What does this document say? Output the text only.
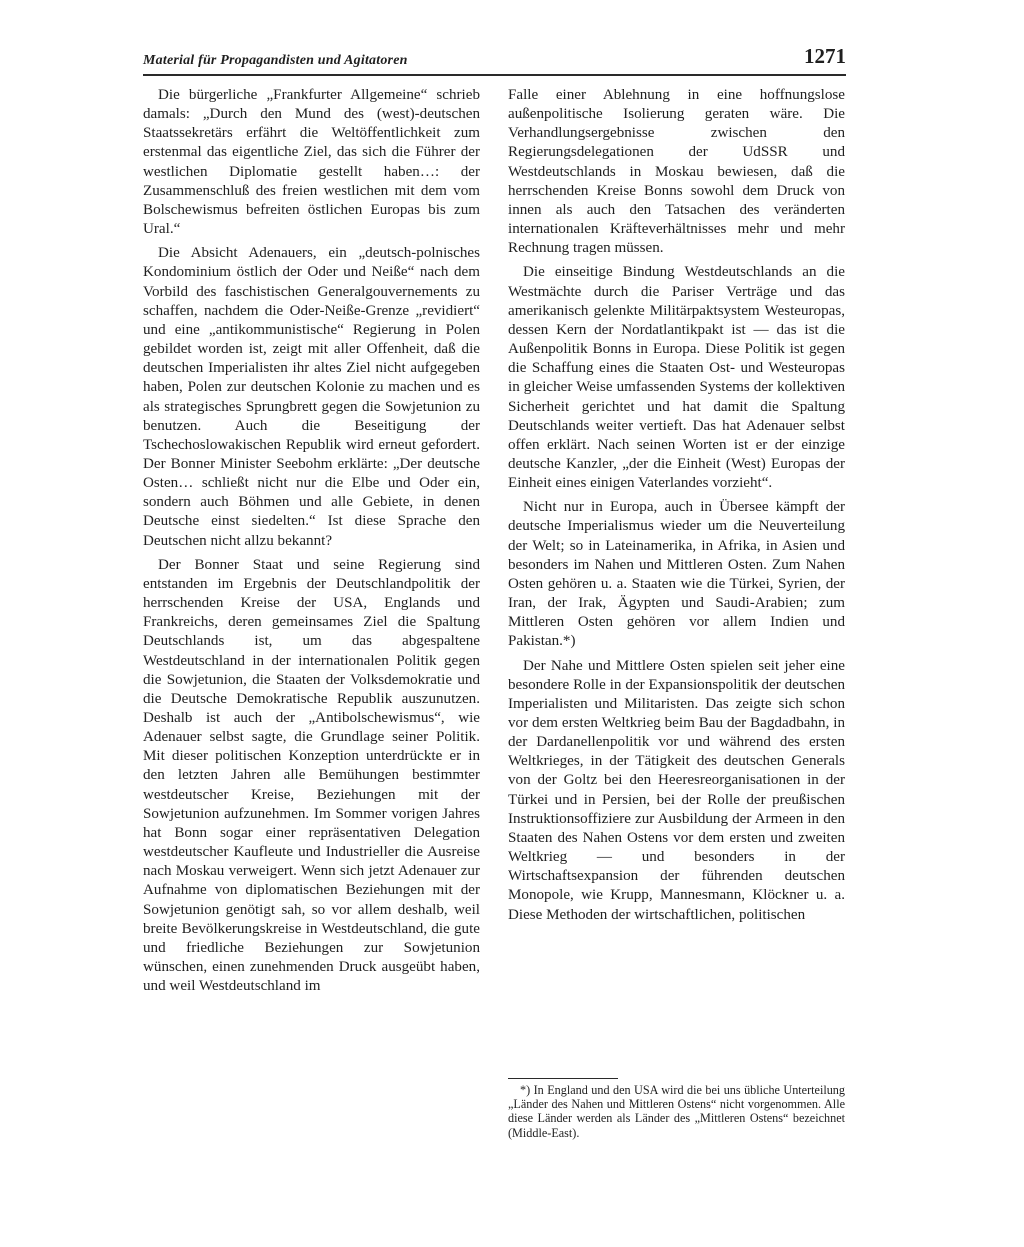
Material für Propagandisten und Agitatoren	1271

Die bürgerliche „Frankfurter Allgemeine“ schrieb damals: „Durch den Mund des (west)-deutschen Staatssekretärs erfährt die Weltöffentlichkeit zum erstenmal das eigentliche Ziel, das sich die Führer der westlichen Diplomatie gestellt haben…: der Zusammenschluß des freien westlichen mit dem vom Bolschewismus befreiten östlichen Europas bis zum Ural.“

Die Absicht Adenauers, ein „deutsch-polnisches Kondominium östlich der Oder und Neiße“ nach dem Vorbild des faschistischen Generalgouvernements zu schaffen, nachdem die Oder-Neiße-Grenze „revidiert“ und eine „antikommunistische“ Regierung in Polen gebildet worden ist, zeigt mit aller Offenheit, daß die deutschen Imperialisten ihr altes Ziel nicht aufgegeben haben, Polen zur deutschen Kolonie zu machen und es als strategisches Sprungbrett gegen die Sowjetunion zu benutzen. Auch die Beseitigung der Tschechoslowakischen Republik wird erneut gefordert. Der Bonner Minister Seebohm erklärte: „Der deutsche Osten… schließt nicht nur die Elbe und Oder ein, sondern auch Böhmen und alle Gebiete, in denen Deutsche einst siedelten.“ Ist diese Sprache den Deutschen nicht allzu bekannt?

Der Bonner Staat und seine Regierung sind entstanden im Ergebnis der Deutschlandpolitik der herrschenden Kreise der USA, Englands und Frankreichs, deren gemeinsames Ziel die Spaltung Deutschlands ist, um das abgespaltene Westdeutschland in der internationalen Politik gegen die Sowjetunion, die Staaten der Volksdemokratie und die Deutsche Demokratische Republik auszunutzen. Deshalb ist auch der „Antibolschewismus“, wie Adenauer selbst sagte, die Grundlage seiner Politik. Mit dieser politischen Konzeption unterdrückte er in den letzten Jahren alle Bemühungen bestimmter westdeutscher Kreise, Beziehungen mit der Sowjetunion aufzunehmen. Im Sommer vorigen Jahres hat Bonn sogar einer repräsentativen Delegation westdeutscher Kaufleute und Industrieller die Ausreise nach Moskau verweigert. Wenn sich jetzt Adenauer zur Aufnahme von diplomatischen Beziehungen mit der Sowjetunion genötigt sah, so vor allem deshalb, weil breite Bevölkerungskreise in Westdeutschland, die gute und friedliche Beziehungen zur Sowjetunion wünschen, einen zunehmenden Druck ausgeübt haben, und weil Westdeutschland im

Falle einer Ablehnung in eine hoffnungslose außenpolitische Isolierung geraten wäre. Die Verhandlungsergebnisse zwischen den Regierungsdelegationen der UdSSR und Westdeutschlands in Moskau bewiesen, daß die herrschenden Kreise Bonns sowohl dem Druck von innen als auch den Tatsachen des veränderten internationalen Kräfteverhältnisses mehr und mehr Rechnung tragen müssen.

Die einseitige Bindung Westdeutschlands an die Westmächte durch die Pariser Verträge und das amerikanisch gelenkte Militärpaktsystem Westeuropas, dessen Kern der Nordatlantikpakt ist — das ist die Außenpolitik Bonns in Europa. Diese Politik ist gegen die Schaffung eines die Staaten Ost- und Westeuropas in gleicher Weise umfassenden Systems der kollektiven Sicherheit gerichtet und hat damit die Spaltung Deutschlands weiter vertieft. Das hat Adenauer selbst offen erklärt. Nach seinen Worten ist er der einzige deutsche Kanzler, „der die Einheit (West) Europas der Einheit eines einigen Vaterlandes vorzieht“.

Nicht nur in Europa, auch in Übersee kämpft der deutsche Imperialismus wieder um die Neuverteilung der Welt; so in Lateinamerika, in Afrika, in Asien und besonders im Nahen und Mittleren Osten. Zum Nahen Osten gehören u. a. Staaten wie die Türkei, Syrien, der Iran, der Irak, Ägypten und Saudi-Arabien; zum Mittleren Osten gehören vor allem Indien und Pakistan.*)

Der Nahe und Mittlere Osten spielen seit jeher eine besondere Rolle in der Expansionspolitik der deutschen Imperialisten und Militaristen. Das zeigte sich schon vor dem ersten Weltkrieg beim Bau der Bagdadbahn, in der Dardanellenpolitik vor und während des ersten Weltkrieges, in der Tätigkeit des deutschen Generals von der Goltz bei den Heeresreorganisationen in der Türkei und in Persien, bei der Rolle der preußischen Instruktionsoffiziere zur Ausbildung der Armeen in den Staaten des Nahen Ostens vor dem ersten und zweiten Weltkrieg — und besonders in der Wirtschaftsexpansion der führenden deutschen Monopole, wie Krupp, Mannesmann, Klöckner u. a. Diese Methoden der wirtschaftlichen, politischen

*) In England und den USA wird die bei uns übliche Unterteilung „Länder des Nahen und Mittleren Ostens“ nicht vorgenommen. Alle diese Länder werden als Länder des „Mittleren Ostens“ bezeichnet (Middle-East).
